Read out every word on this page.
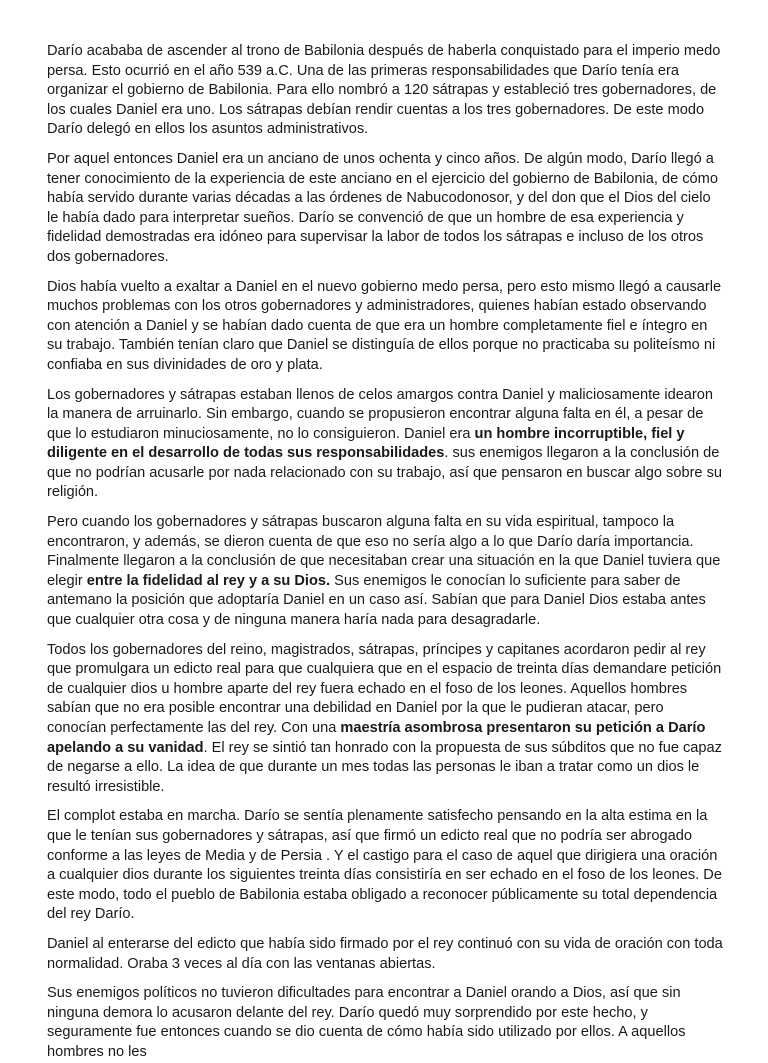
Darío acababa de ascender al trono de Babilonia después de haberla conquistado para el imperio medo persa. Esto ocurrió en el año 539 a.C. Una de las primeras responsabilidades que Darío tenía era organizar el gobierno de Babilonia. Para ello nombró a 120 sátrapas y estableció tres gobernadores, de los cuales Daniel era uno. Los sátrapas debían rendir cuentas a los tres gobernadores. De este modo Darío delegó en ellos los asuntos administrativos.

Por aquel entonces Daniel era un anciano de unos ochenta y cinco años. De algún modo, Darío llegó a tener conocimiento de la experiencia de este anciano en el ejercicio del gobierno de Babilonia, de cómo había servido durante varias décadas a las órdenes de Nabucodonosor, y del don que el Dios del cielo le había dado para interpretar sueños. Darío se convenció de que un hombre de esa experiencia y fidelidad demostradas era idóneo para supervisar la labor de todos los sátrapas e incluso de los otros dos gobernadores.

Dios había vuelto a exaltar a Daniel en el nuevo gobierno medo persa, pero esto mismo llegó a causarle muchos problemas con los otros gobernadores y administradores, quienes habían estado observando con atención a Daniel y se habían dado cuenta de que era un hombre completamente fiel e íntegro en su trabajo. También tenían claro que Daniel se distinguía de ellos porque no practicaba su politeísmo ni confiaba en sus divinidades de oro y plata.

Los gobernadores y sátrapas estaban llenos de celos amargos contra Daniel y maliciosamente idearon la manera de arruinarlo. Sin embargo, cuando se propusieron encontrar alguna falta en él, a pesar de que lo estudiaron minuciosamente, no lo consiguieron. Daniel era un hombre incorruptible, fiel y diligente en el desarrollo de todas sus responsabilidades. sus enemigos llegaron a la conclusión de que no podrían acusarle por nada relacionado con su trabajo, así que pensaron en buscar algo sobre su religión.

Pero cuando los gobernadores y sátrapas buscaron alguna falta en su vida espiritual, tampoco la encontraron, y además, se dieron cuenta de que eso no sería algo a lo que Darío daría importancia. Finalmente llegaron a la conclusión de que necesitaban crear una situación en la que Daniel tuviera que elegir entre la fidelidad al rey y a su Dios. Sus enemigos le conocían lo suficiente para saber de antemano la posición que adoptaría Daniel en un caso así. Sabían que para Daniel Dios estaba antes que cualquier otra cosa y de ninguna manera haría nada para desagradarle.

Todos los gobernadores del reino, magistrados, sátrapas, príncipes y capitanes acordaron pedir al rey que promulgara un edicto real para que cualquiera que en el espacio de treinta días demandare petición de cualquier dios u hombre aparte del rey fuera echado en el foso de los leones. Aquellos hombres sabían que no era posible encontrar una debilidad en Daniel por la que le pudieran atacar, pero conocían perfectamente las del rey. Con una maestría asombrosa presentaron su petición a Darío apelando a su vanidad. El rey se sintió tan honrado con la propuesta de sus súbditos que no fue capaz de negarse a ello. La idea de que durante un mes todas las personas le iban a tratar como un dios le resultó irresistible.

El complot estaba en marcha. Darío se sentía plenamente satisfecho pensando en la alta estima en la que le tenían sus gobernadores y sátrapas, así que firmó un edicto real que no podría ser abrogado conforme a las leyes de Media y de Persia . Y el castigo para el caso de aquel que dirigiera una oración a cualquier dios durante los siguientes treinta días consistiría en ser echado en el foso de los leones. De este modo, todo el pueblo de Babilonia estaba obligado a reconocer públicamente su total dependencia del rey Darío.

Daniel al enterarse del edicto que había sido firmado por el rey continuó con su vida de oración con toda normalidad. Oraba 3 veces al día con las ventanas abiertas.

Sus enemigos políticos no tuvieron dificultades para encontrar a Daniel orando a Dios, así que sin ninguna demora lo acusaron delante del rey. Darío quedó muy sorprendido por este hecho, y seguramente fue entonces cuando se dio cuenta de cómo había sido utilizado por ellos. A aquellos hombres no les
